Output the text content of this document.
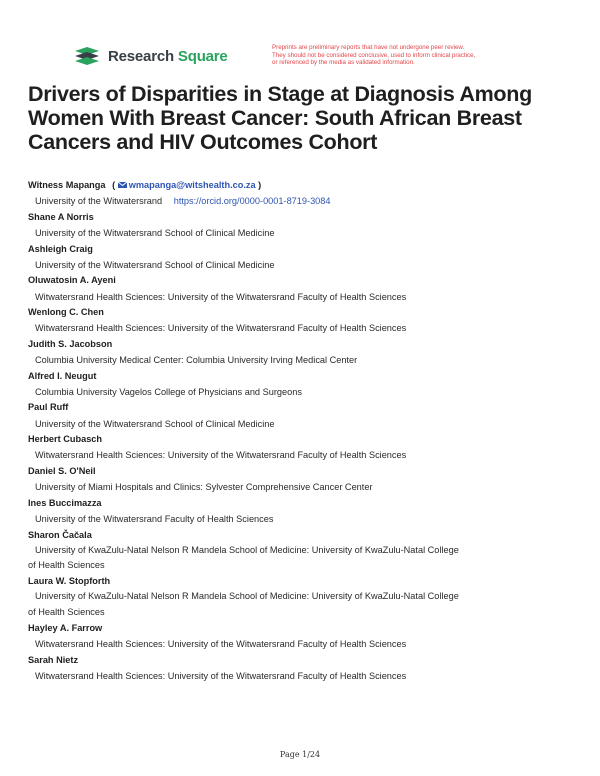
Research Square	Preprints are preliminary reports that have not undergone peer review.
They should not be considered conclusive, used to inform clinical practice,
or referenced by the media as validated information.
Drivers of Disparities in Stage at Diagnosis Among
Women With Breast Cancer: South African Breast
Cancers and HIV Outcomes Cohort
Witness Mapanga ( wmapanga@witshealth.co.za )
University of the Witwatersrand https://orcid.org/0000-0001-8719-3084
Shane A Norris
University of the Witwatersrand School of Clinical Medicine
Ashleigh Craig
University of the Witwatersrand School of Clinical Medicine
Oluwatosin A. Ayeni
Witwatersrand Health Sciences: University of the Witwatersrand Faculty of Health Sciences
Wenlong C. Chen
Witwatersrand Health Sciences: University of the Witwatersrand Faculty of Health Sciences
Judith S. Jacobson
Columbia University Medical Center: Columbia University Irving Medical Center
Alfred I. Neugut
Columbia University Vagelos College of Physicians and Surgeons
Paul Ruff
University of the Witwatersrand School of Clinical Medicine
Herbert Cubasch
Witwatersrand Health Sciences: University of the Witwatersrand Faculty of Health Sciences
Daniel S. O'Neil
University of Miami Hospitals and Clinics: Sylvester Comprehensive Cancer Center
Ines Buccimazza
University of the Witwatersrand Faculty of Health Sciences
Sharon Čačala
University of KwaZulu-Natal Nelson R Mandela School of Medicine: University of KwaZulu-Natal College
of Health Sciences
Laura W. Stopforth
University of KwaZulu-Natal Nelson R Mandela School of Medicine: University of KwaZulu-Natal College
of Health Sciences
Hayley A. Farrow
Witwatersrand Health Sciences: University of the Witwatersrand Faculty of Health Sciences
Sarah Nietz
Witwatersrand Health Sciences: University of the Witwatersrand Faculty of Health Sciences
Page 1/24
